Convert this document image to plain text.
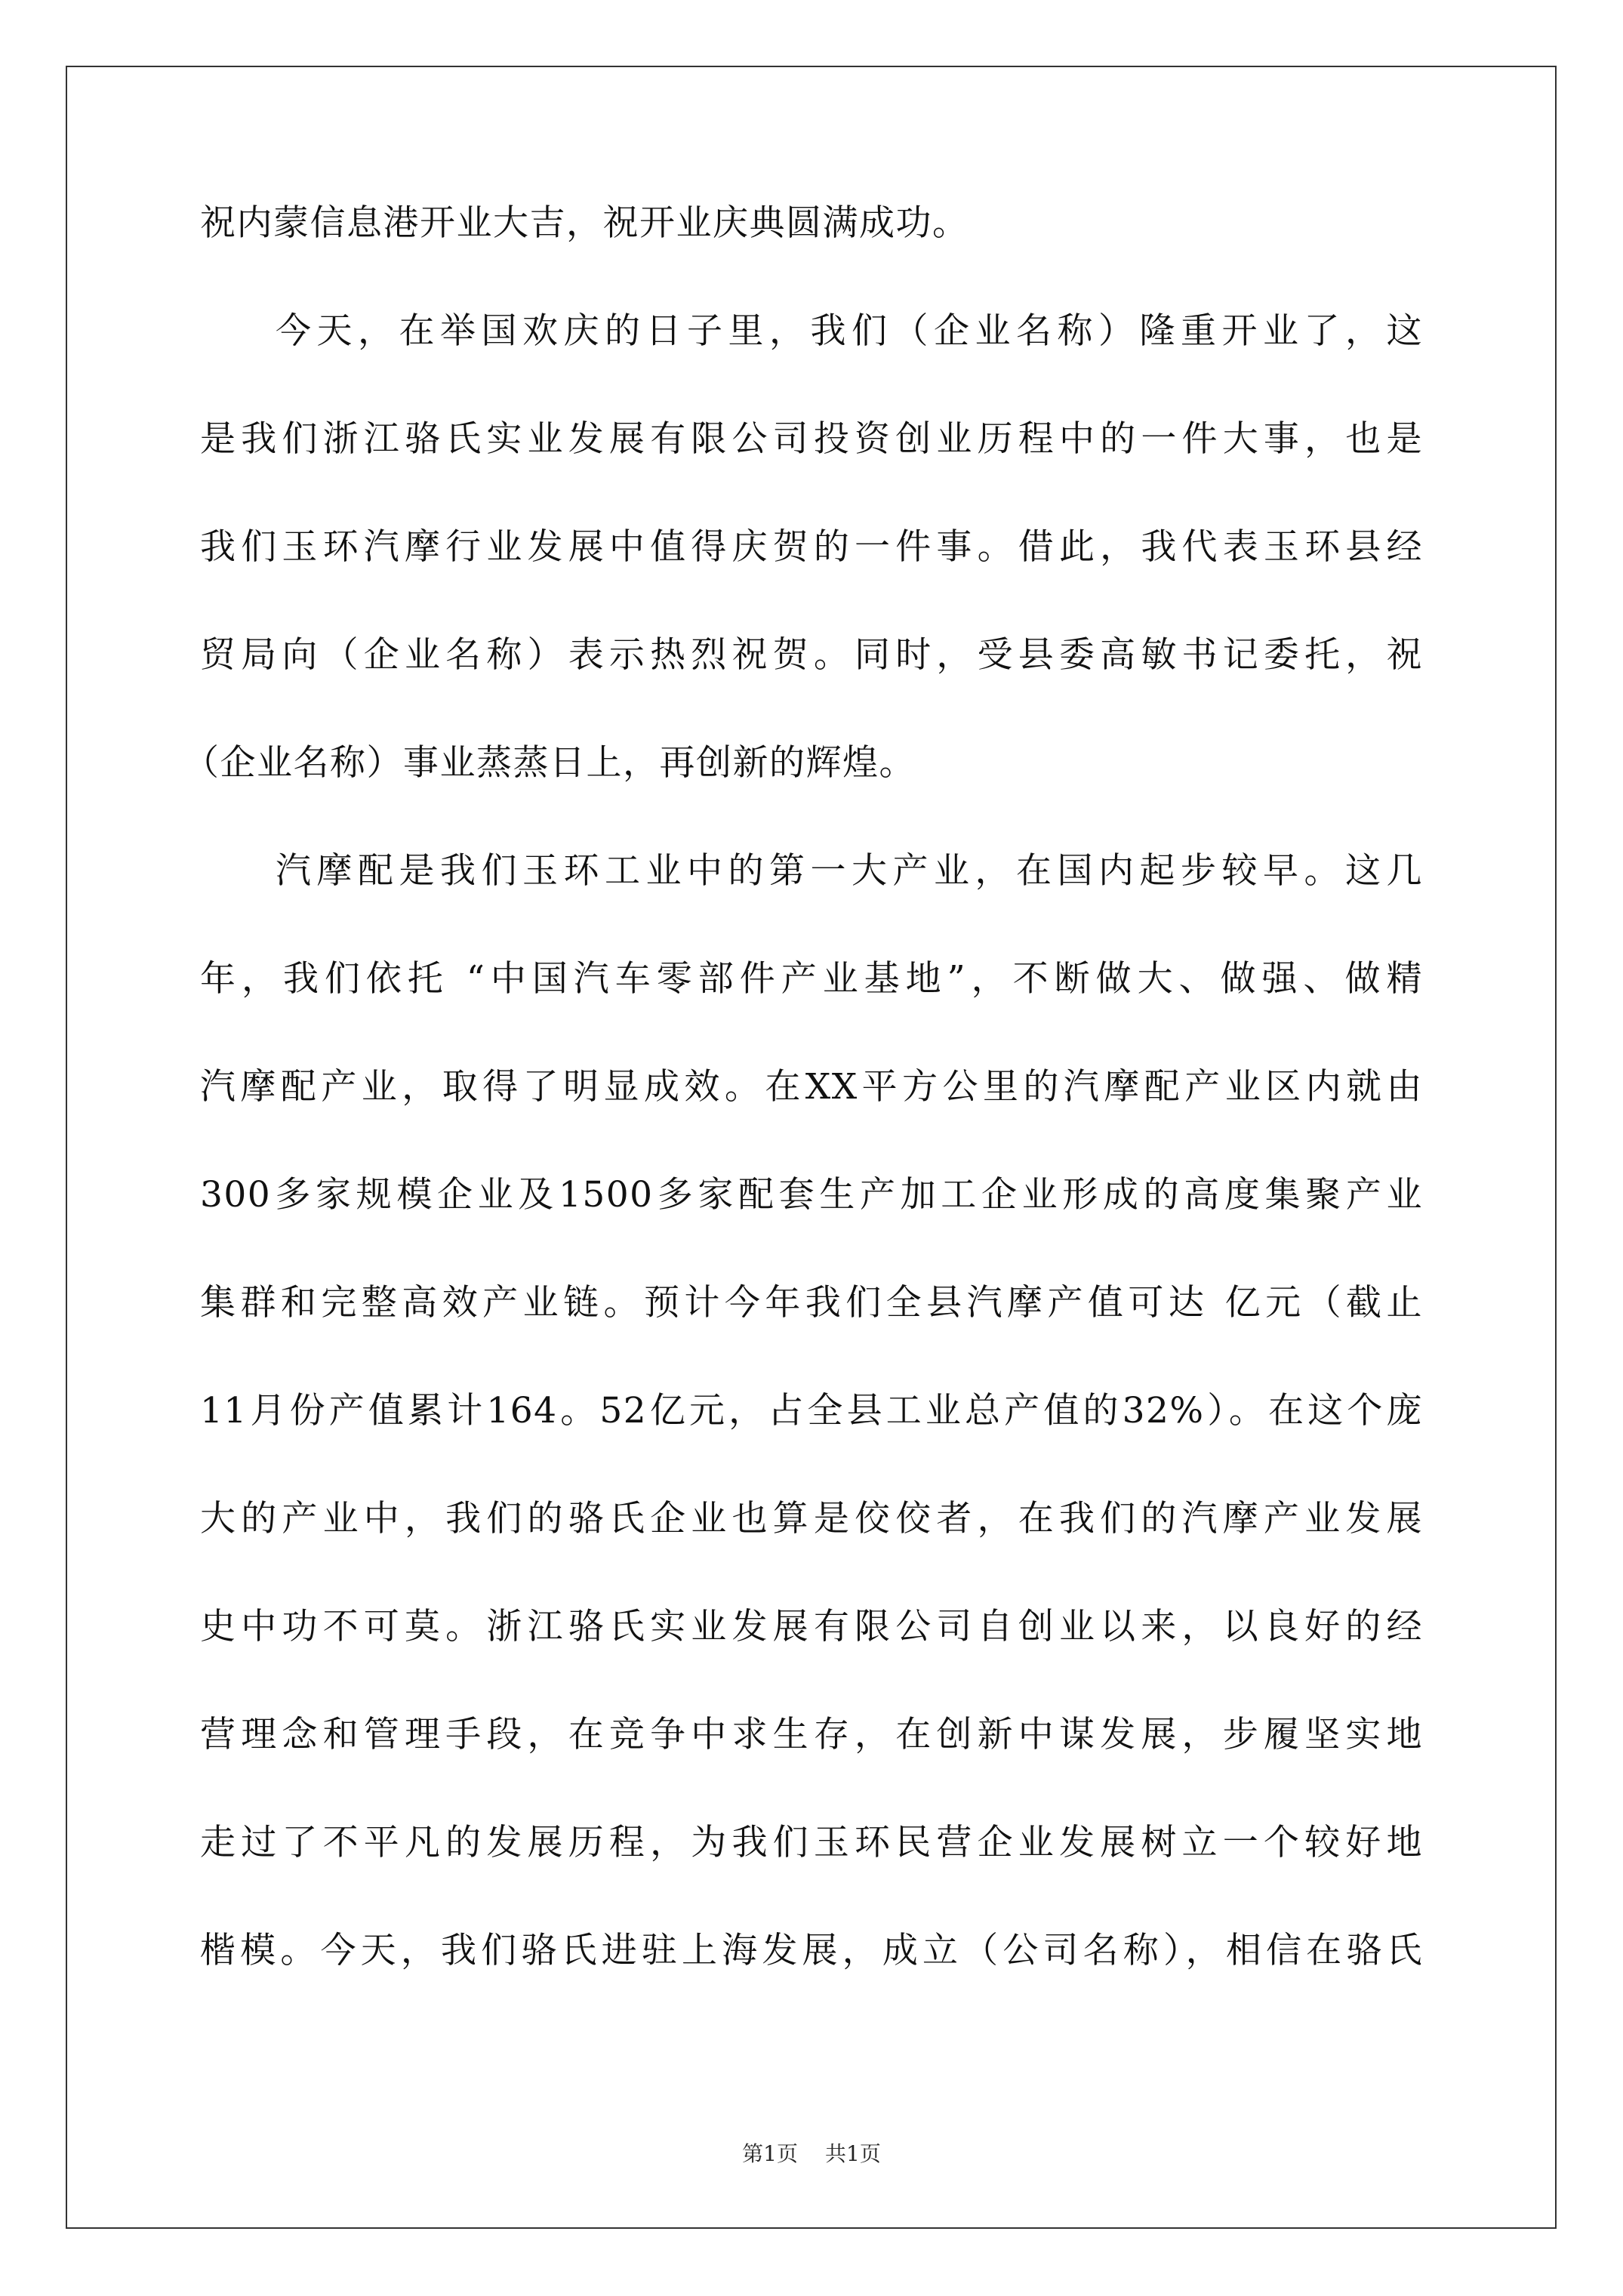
祝内蒙信息港开业大吉，祝开业庆典圆满成功。
今天，在举国欢庆的日子里，我们（企业名称）隆重开业了，这
是我们浙江骆氏实业发展有限公司投资创业历程中的一件大事，也是
我们玉环汽摩行业发展中值得庆贺的一件事。借此，我代表玉环县经
贸局向（企业名称）表示热烈祝贺。同时，受县委高敏书记委托，祝
（企业名称）事业蒸蒸日上，再创新的辉煌。
汽摩配是我们玉环工业中的第一大产业，在国内起步较早。这几
年，我们依托 “中国汽车零部件产业基地”，不断做大、做强、做精
汽摩配产业，取得了明显成效。在XX平方公里的汽摩配产业区内就由
300多家规模企业及1500多家配套生产加工企业形成的高度集聚产业
集群和完整高效产业链。预计今年我们全县汽摩产值可达 亿元（截止
11月份产值累计164。52亿元，占全县工业总产值的32%）。在这个庞
大的产业中，我们的骆氏企业也算是佼佼者，在我们的汽摩产业发展
史中功不可莫。浙江骆氏实业发展有限公司自创业以来，以良好的经
营理念和管理手段，在竞争中求生存，在创新中谋发展，步履坚实地
走过了不平凡的发展历程，为我们玉环民营企业发展树立一个较好地
楷模。今天，我们骆氏进驻上海发展，成立（公司名称），相信在骆氏
第1页 共1页
